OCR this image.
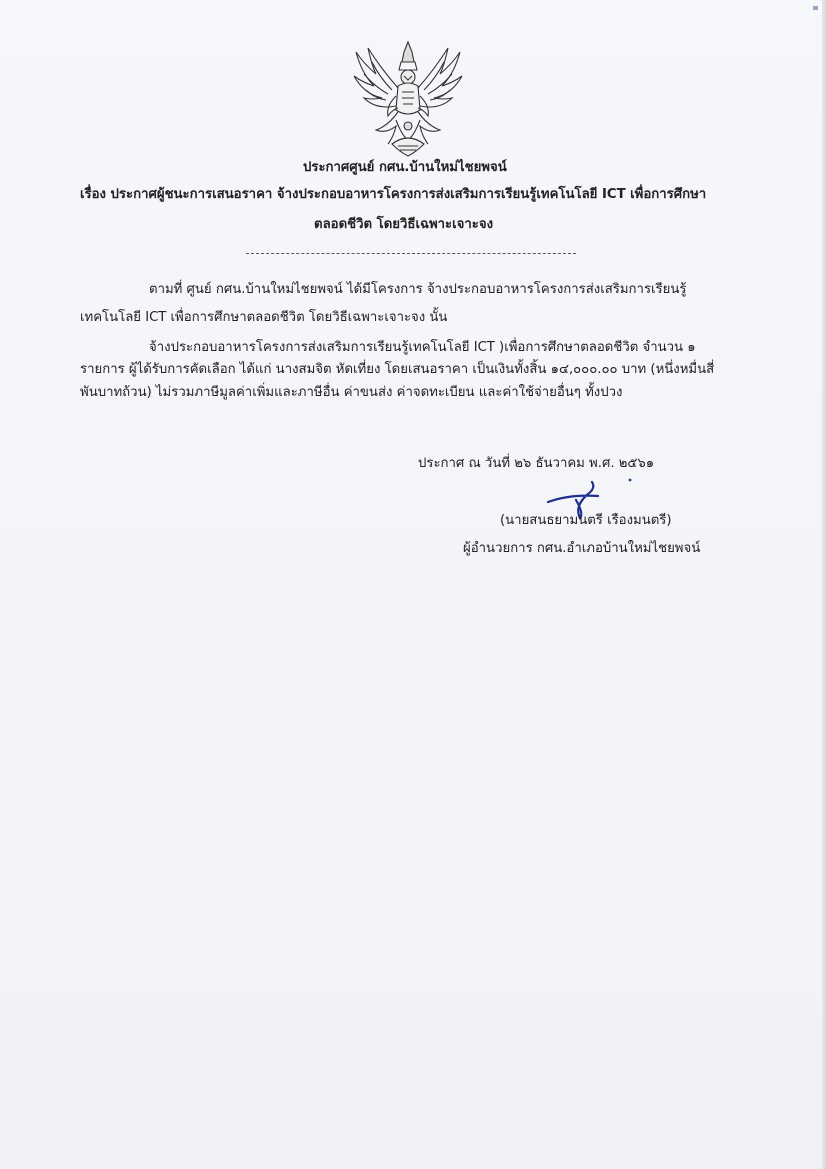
ประกาศศูนย์ กศน.บ้านใหม่ไชยพจน์
เรื่อง ประกาศผู้ชนะการเสนอราคา จ้างประกอบอาหารโครงการส่งเสริมการเรียนรู้เทคโนโลยี ICT เพื่อการศึกษา
ตลอดชีวิต โดยวิธีเฉพาะเจาะจง
ตามที่ ศูนย์ กศน.บ้านใหม่ไชยพจน์ ได้มีโครงการ จ้างประกอบอาหารโครงการส่งเสริมการเรียนรู้
เทคโนโลยี ICT เพื่อการศึกษาตลอดชีวิต โดยวิธีเฉพาะเจาะจง นั้น
จ้างประกอบอาหารโครงการส่งเสริมการเรียนรู้เทคโนโลยี ICT )เพื่อการศึกษาตลอดชีวิต จำนวน ๑
รายการ ผู้ได้รับการคัดเลือก ได้แก่ นางสมจิต หัดเที่ยง โดยเสนอราคา เป็นเงินทั้งสิ้น ๑๔,๐๐๐.๐๐ บาท (หนึ่งหมื่นสี่
พันบาทถ้วน) ไม่รวมภาษีมูลค่าเพิ่มและภาษีอื่น ค่าขนส่ง ค่าจดทะเบียน และค่าใช้จ่ายอื่นๆ ทั้งปวง
ประกาศ ณ วันที่ ๒๖ ธันวาคม พ.ศ. ๒๕๖๑
(นายสนธยามนตรี เรืองมนตรี)
ผู้อำนวยการ กศน.อำเภอบ้านใหม่ไชยพจน์
